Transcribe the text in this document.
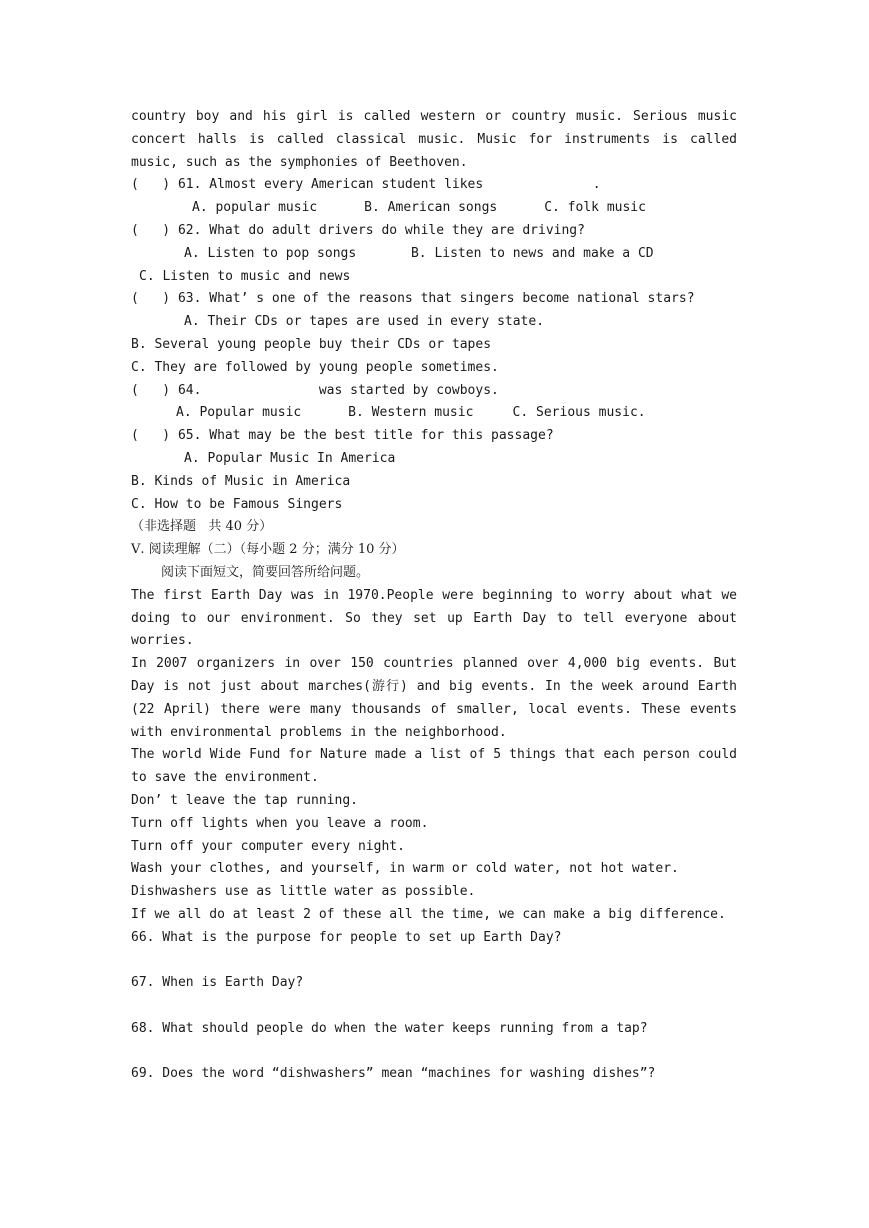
country boy and his girl is called western or country music. Serious music
concert halls is called classical music. Music for instruments is called
music, such as the symphonies of Beethoven.
(   ) 61. Almost every American student likes              .
A. popular music      B. American songs      C. folk music
(   ) 62. What do adult drivers do while they are driving?
A. Listen to pop songs       B. Listen to news and make a CD
C. Listen to music and news
(   ) 63. What’ s one of the reasons that singers become national stars?
A. Their CDs or tapes are used in every state.
B. Several young people buy their CDs or tapes
C. They are followed by young people sometimes.
(   ) 64.               was started by cowboys.
A. Popular music      B. Western music     C. Serious music.
(   ) 65. What may be the best title for this passage?
A. Popular Music In America
B. Kinds of Music in America
C. How to be Famous Singers
（非选择题   共 40 分）
Ⅴ. 阅读理解（二）（每小题 2 分；满分 10 分）
阅读下面短文，简要回答所给问题。
The first Earth Day was in 1970.People were beginning to worry about what we
doing to our environment. So they set up Earth Day to tell everyone about
worries.
In 2007 organizers in over 150 countries planned over 4,000 big events. But
Day is not just about marches(游行) and big events. In the week around Earth
(22 April) there were many thousands of smaller, local events. These events
with environmental problems in the neighborhood.
The world Wide Fund for Nature made a list of 5 things that each person could
to save the environment.
Don’ t leave the tap running.
Turn off lights when you leave a room.
Turn off your computer every night.
Wash your clothes, and yourself, in warm or cold water, not hot water.
Dishwashers use as little water as possible.
If we all do at least 2 of these all the time, we can make a big difference.
66. What is the purpose for people to set up Earth Day?
67. When is Earth Day?
68. What should people do when the water keeps running from a tap?
69. Does the word “dishwashers” mean “machines for washing dishes”?
